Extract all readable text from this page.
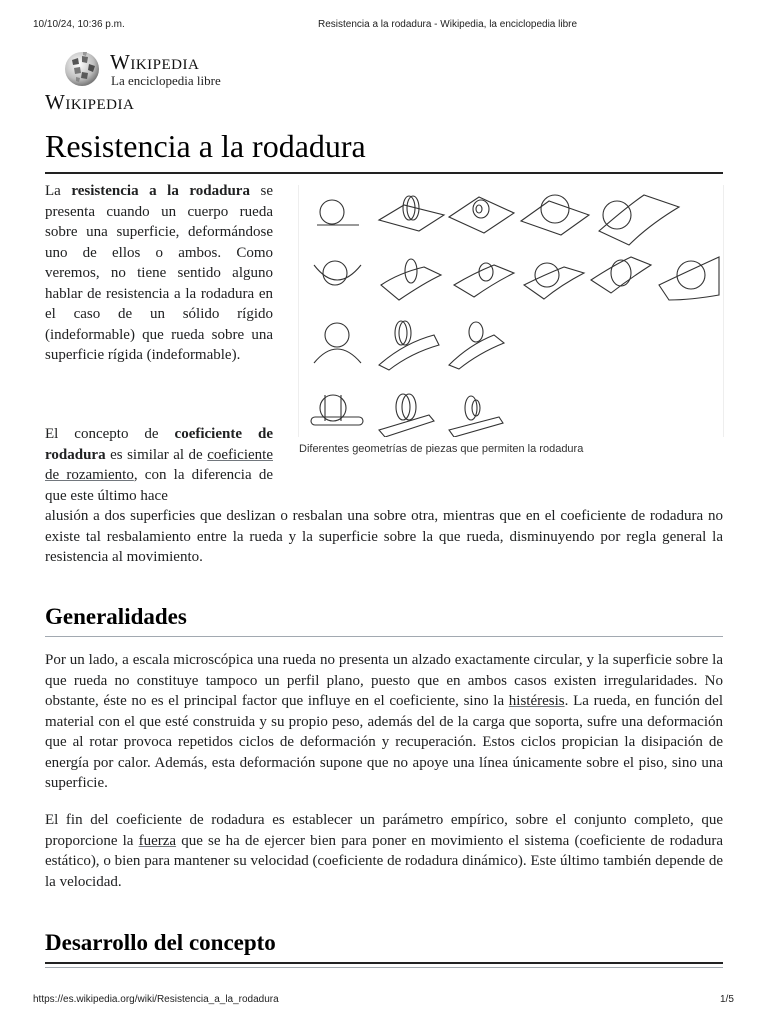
10/10/24, 10:36 p.m.	Resistencia a la rodadura - Wikipedia, la enciclopedia libre
Wikipedia
La enciclopedia libre
Wikipedia
Resistencia a la rodadura

La resistencia a la rodadura se presenta cuando un cuerpo rueda sobre una superficie, deformándose uno de ellos o ambos. Como veremos, no tiene sentido alguno hablar de resistencia a la rodadura en el caso de un sólido rígido (indeformable) que rueda sobre una superficie rígida (indeformable).

El concepto de coeficiente de rodadura es similar al de coeficiente de rozamiento, con la diferencia de que este último hace

alusión a dos superficies que deslizan o resbalan una sobre otra, mientras que en el coeficiente de rodadura no existe tal resbalamiento entre la rueda y la superficie sobre la que rueda, disminuyendo por regla general la resistencia al movimiento.

Diferentes geometrías de piezas que permiten la rodadura
Generalidades

Por un lado, a escala microscópica una rueda no presenta un alzado exactamente circular, y la superficie sobre la que rueda no constituye tampoco un perfil plano, puesto que en ambos casos existen irregularidades. No obstante, éste no es el principal factor que influye en el coeficiente, sino la histéresis. La rueda, en función del material con el que esté construida y su propio peso, además del de la carga que soporta, sufre una deformación que al rotar provoca repetidos ciclos de deformación y recuperación. Estos ciclos propician la disipación de energía por calor. Además, esta deformación supone que no apoye una línea únicamente sobre el piso, sino una superficie.

El fin del coeficiente de rodadura es establecer un parámetro empírico, sobre el conjunto completo, que proporcione la fuerza que se ha de ejercer bien para poner en movimiento el sistema (coeficiente de rodadura estático), o bien para mantener su velocidad (coeficiente de rodadura dinámico). Este último también depende de la velocidad.

Desarrollo del concepto
https://es.wikipedia.org/wiki/Resistencia_a_la_rodadura	1/5
